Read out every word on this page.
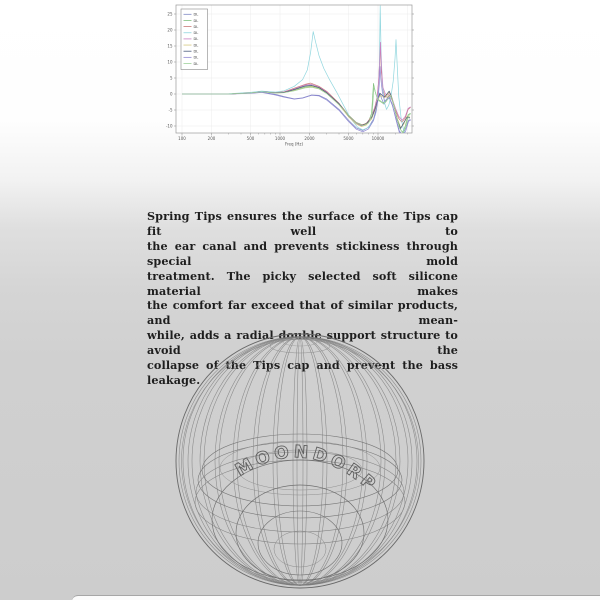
-10
-5
0
5
10
15
20
25
100	200	500	1000	2000	5000	10000
Freq (Hz)
DL
DL
DL
DL
DL
DL
DL
DL
DL
Spring Tips ensures the surface of the Tips cap fit well to
the ear canal and prevents stickiness through special mold
treatment. The picky selected soft silicone material makes
the comfort far exceed that of similar products, and mean-
while, adds a radial double support structure to avoid the
collapse of the Tips cap and prevent the bass leakage.
MOONDORP
